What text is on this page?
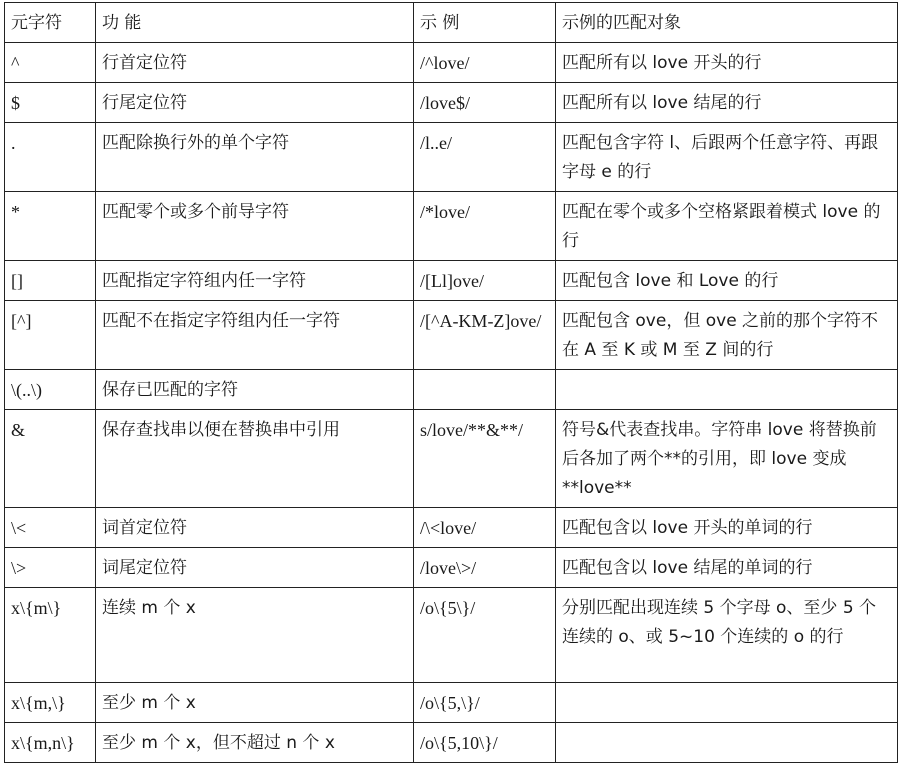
元字符	功 能	示 例	示例的匹配对象
^	行首定位符	/^love/	匹配所有以 love 开头的行
$	行尾定位符	/love$/	匹配所有以 love 结尾的行
.	匹配除换行外的单个字符	/l..e/	匹配包含字符 l、后跟两个任意字符、再跟字母 e 的行
*	匹配零个或多个前导字符	/*love/	匹配在零个或多个空格紧跟着模式 love 的行
[]	匹配指定字符组内任一字符	/[Ll]ove/	匹配包含 love 和 Love 的行
[^]	匹配不在指定字符组内任一字符	/[^A-KM-Z]ove/	匹配包含 ove，但 ove 之前的那个字符不在 A 至 K 或 M 至 Z 间的行
\(..\)	保存已匹配的字符		
&	保存查找串以便在替换串中引用	s/love/**&**/	符号&代表查找串。字符串 love 将替换前后各加了两个**的引用，即 love 变成**love**
\<	词首定位符	/\<love/	匹配包含以 love 开头的单词的行
\>	词尾定位符	/love\>/	匹配包含以 love 结尾的单词的行
x\{m\}	连续 m 个 x	/o\{5\}/	分别匹配出现连续 5 个字母 o、至少 5 个连续的 o、或 5~10 个连续的 o 的行
x\{m,\}	至少 m 个 x	/o\{5,\}/	
x\{m,n\}	至少 m 个 x，但不超过 n 个 x	/o\{5,10\}/	
